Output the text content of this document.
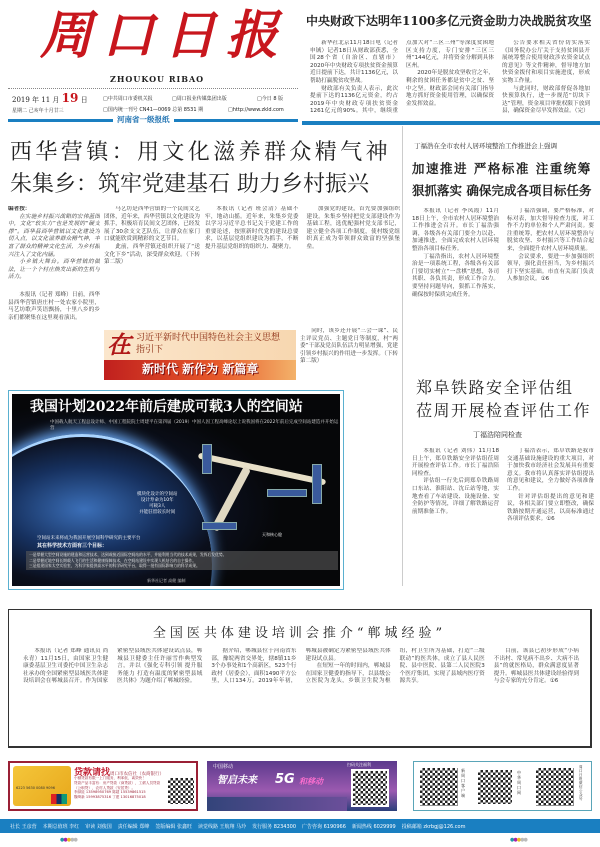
周口日报
ZHOUKOU RIBAO
2019 年 11 月 19 日
星期二 己亥年十月廿三
□中共周口市委机关报	□周口报业传媒集团出版	□今日 8 版
□国内统一刊号 CN41—0069 总第 8531 期	□http://www.zkld.com
河南省一级报纸
中央财政下达明年1100多亿元资金助力决战脱贫攻坚

新华社北京11月18日电（记者申铖）记者18日从财政部获悉，全国28个省（自治区、直辖市）2020年中央财政专项扶贫资金预算近日提前下达，共计1136亿元，以帮助打赢脱贫攻坚战。

财政部有关负责人表示，此次提前下达的1136亿元资金，约占2019年中央财政专项扶贫资金1261亿元的90%。其中，继续重点加大对“三区三州”等深度贫困地区支持力度，专门安排“三区三州”144亿元，并将资金分解到具体区州。

2020年是脱贫攻坚收官之年，剩余的贫困任务都是贫中之贫、坚中之坚。财政部会同有关部门指导地方抓好资金使用管理，以确保资金发挥效益。

公告要求相关省份切实落实《国务院办公厅关于支持贫困县开展统筹整合使用财政涉农资金试点的意见》等文件精神，督导地方加快资金拨付和项目实施进度，形成实物工作量。

与此同时，财政部督促各地加快预算执行，进一步规范“切块下达”管理，资金项目审批权限下放到县，确保资金尽早发挥效益。（完）

西华营镇：用文化滋养群众精气神
朱集乡：筑牢党建基石 助力乡村振兴
编者按：

在实施乡村振兴战略的宏伟蓝图中，文化“软实力”也是发展的“硬支撑”。西华县西华营镇以文化建设为切入点，以文化滋养群众精气神，丰富了群众的精神文化生活，为乡村振兴注入了文化内涵。

小乡镇大舞台。西华营镇的做法，让一个个村庄焕发出新的生机与活力。

本报讯（记者 郑峰）日前，西华县西华营镇唐庄村一处农家小院里，马艺坊歌声笑语飘扬，十里八乡的乡亲们都聚集在这里观看演出。

马艺坊是西华营镇的一个民间文艺团体，近年来，西华营镇以文化建设为抓手，积极培育民间文艺团体，已经发展了30余支文艺队伍，让群众在家门口就能欣赏到精彩的文艺节目。

此前，西华营镇还组织开展了“送文化下乡”活动，深受群众欢迎。（下转第二版）

本报讯（记者 班会清）基础不牢，地动山摇。近年来，朱集乡党委以学习习近平总书记关于党建工作的重要论述，按照新时代党的建设总要求，以基层党组织建设为抓手，不断提升基层党组织的组织力、凝聚力。

加强党的建设，首先要加强组织建设。朱集乡坚持把党支部建设作为基础工程，选优配强村党支部书记，建立健全各项工作制度，使村级党组织真正成为带领群众致富的坚强堡垒。

同时，该乡还开展“三会一课”、民主评议党员、主题党日等制度，村“两委”干部及党员队伍活力明显增强，党建引领乡村振兴的作用进一步发挥。（下转第二版）

在 习近平新时代中国特色社会主义思想
指引下
新时代 新作为 新篇章
丁福浩在全市农村人居环境整治工作推进会上强调
加速推进 严格标准 注重统筹
狠抓落实 确保完成各项目标任务

本报讯（记者 李凤霞）11月18日上午，全市农村人居环境整治工作推进会召开。市长丁福浩强调，各级各有关部门要全力以赴、加速推进，全面完成农村人居环境整治各项目标任务。

丁福浩指出，农村人居环境整治是一项系统工程，各级各有关部门要切实树立“一盘棋”思想，各司其职、各负其责，形成工作合力。要坚持问题导向，狠抓工作落实，确保按时保质完成任务。

丁福浩强调，要严格标准，对标对表，加大督导检查力度，对工作不力的单位和个人严肃问责。要注重统筹，把农村人居环境整治与脱贫攻坚、乡村振兴等工作结合起来，全面提升农村人居环境质量。

会议要求，要进一步加强组织领导，强化责任担当，为乡村振兴打下坚实基础。市直有关部门负责人参加会议。①6

郑阜铁路安全评估组
莅周开展检查评估工作
丁福浩陪同检查

本报讯（记者 刘伟）11月18日上午，郑阜铁路安全评估组莅周开展检查评估工作。市长丁福浩陪同检查。

评估组一行先后到郑阜铁路周口东站、淮阳站、沈丘站等地，实地查看了车站建设、设施设备、安全防护等情况，详细了解铁路运营前期准备工作。

丁福浩表示，郑阜铁路是我市交通基础设施建设的重大项目，对于加快我市经济社会发展具有重要意义。我市将认真落实评估组提出的意见和建议，全力做好各项准备工作。

针对评估组提出的意见和建议，各相关部门要立即整改，确保铁路按期开通运营，以高标准通过各项评估要求。①6

我国计划2022年前后建成可载3人的空间站
中国载人航天工程总设计师、中国工程院院士周建平在第四届（2019）中国人因工程高峰论坛上说我国将在2022年前后完成空间站建造并开始运营
模块化设计的空间站
设计寿命为10年
可载3人
并能驻留较长时间
天和核心舱
空间站未来将成为我国开展空间科学研究的主要平台
其在科学技术方面有三个目标：
一是掌握大型空间设施的建造和运营技术，达到或接近国际空间站的水平，并能利用当代的技术成果，发挥后发优势。
二是掌握近地空间长期载人飞行的生活和健康保障技术，在空间站建设中实现人机结合的自主操作。
三是组建国家太空实验室，为科学家提供高水平的科学研究平台，取得一批有国际影响力的科学成果。
新华社记者 高健 编制
全国医共体建设培训会推介“郸城经验”

本报讯（记者 郑峰 通讯员 尚永青）11月15日，由国家卫生健康委基层卫生司委托中国卫生杂志社承办的全国紧密型县域医共体建设培训会在郸城县召开。作为国家紧密型县域医共体建设试点县，郸城县卫健委主任许丽雪作典型发言，并以《强化专科引领 提升服务能力 打造有温度的紧密型县域医共体》为题介绍了郸城经验。

据介绍，郸城县位于河南省东部，豫皖两省交界处，辖8镇11乡3个办事处和1个高新区，523个行政村（居委会），面积1490平方公里，人口134万。2019年年初，郸城县被确定为紧密型县域医共体建设试点县。

在短短一年的时间内，郸城县在国家卫健委的指导下，以县级公立医院为龙头，乡镇卫生院为枢纽，村卫生所为基础，打造“三级联动”的医共体，成立了县人民医院、县中医院、县第二人民医院3个医疗集团，实现了县域内医疗资源共享。

目前，该县已初步形成“小病不出村、常见病不出乡、大病不出县”的就医格局，群众满意度显著提升。郸城县医共体建设经验得到与会专家的充分肯定。①6

6223 5630 0080 9096
贷款请找周口市农信社（农商银行）
小额贷款有限一上门服务，利率低，离效快！
贷款产品丰富有：房产贷款（商贷款），工薪人员贷款（公职贷），农村人贷款（安居贷）。
李绿娃 13598950769 陈超 15539861515
魏绮新 15993875316 丁建 13016875018
中国移动
智启未来 5G 和移动
扫码关注福利
新周口客户端
中华周口网
周口日报微信公众号
社长 王彦营 本期总值班 李红 审读 刘俊国 责任编辑 郑峰 签版编辑 张鑫旺 读觉线路 王航翔 马玲 发行服务 8234300 广告咨询 6190966 新闻热线 6029999 投稿邮箱 zkrbgj@126.com
●●●●●	●●●●●
